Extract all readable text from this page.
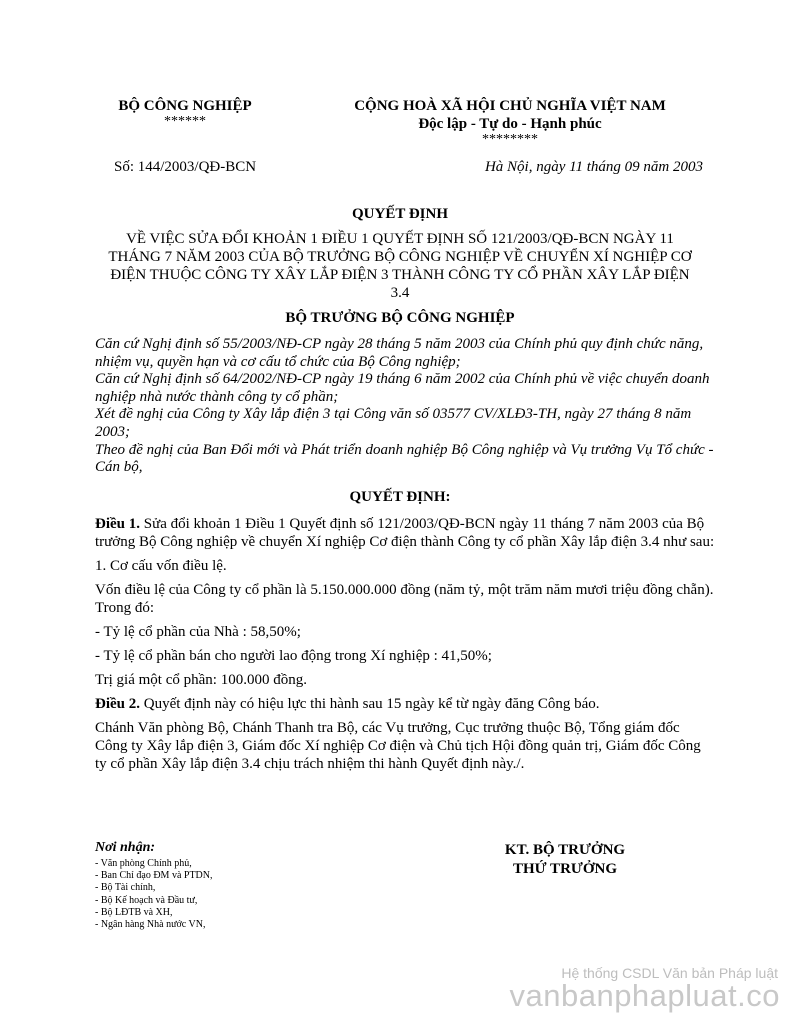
BỘ CÔNG NGHIỆP
******
CỘNG HOÀ XÃ HỘI CHỦ NGHĨA VIỆT NAM
Độc lập - Tự do - Hạnh phúc
********
Số: 144/2003/QĐ-BCN	Hà Nội, ngày 11 tháng 09 năm 2003
QUYẾT ĐỊNH
VỀ VIỆC SỬA ĐỔI KHOẢN 1 ĐIỀU 1 QUYẾT ĐỊNH SỐ 121/2003/QĐ-BCN NGÀY 11 THÁNG 7 NĂM 2003 CỦA BỘ TRƯỞNG BỘ CÔNG NGHIỆP VỀ CHUYỂN XÍ NGHIỆP CƠ ĐIỆN THUỘC CÔNG TY XÂY LẮP ĐIỆN 3 THÀNH CÔNG TY CỔ PHẦN XÂY LẮP ĐIỆN 3.4
BỘ TRƯỞNG BỘ CÔNG NGHIỆP

Căn cứ Nghị định số 55/2003/NĐ-CP ngày 28 tháng 5 năm 2003 của Chính phủ quy định chức năng, nhiệm vụ, quyền hạn và cơ cấu tổ chức của Bộ Công nghiệp;

Căn cứ Nghị định số 64/2002/NĐ-CP ngày 19 tháng 6 năm 2002 của Chính phủ về việc chuyển doanh nghiệp nhà nước thành công ty cổ phần;

Xét đề nghị của Công ty Xây lắp điện 3 tại Công văn số 03577 CV/XLĐ3-TH, ngày 27 tháng 8 năm 2003;

Theo đề nghị của Ban Đổi mới và Phát triển doanh nghiệp Bộ Công nghiệp và Vụ trưởng Vụ Tổ chức - Cán bộ,

QUYẾT ĐỊNH:

Điều 1. Sửa đổi khoản 1 Điều 1 Quyết định số 121/2003/QĐ-BCN ngày 11 tháng 7 năm 2003 của Bộ trưởng Bộ Công nghiệp về chuyển Xí nghiệp Cơ điện thành Công ty cổ phần Xây lắp điện 3.4 như sau:

1. Cơ cấu vốn điều lệ.

Vốn điều lệ của Công ty cổ phần là 5.150.000.000 đồng (năm tỷ, một trăm năm mươi triệu đồng chẵn). Trong đó:

- Tỷ lệ cổ phần của Nhà : 58,50%;

- Tỷ lệ cổ phần bán cho người lao động trong Xí nghiệp : 41,50%;

Trị giá một cổ phần: 100.000 đồng.

Điều 2. Quyết định này có hiệu lực thi hành sau 15 ngày kể từ ngày đăng Công báo.

Chánh Văn phòng Bộ, Chánh Thanh tra Bộ, các Vụ trưởng, Cục trưởng thuộc Bộ, Tổng giám đốc Công ty Xây lắp điện 3, Giám đốc Xí nghiệp Cơ điện và Chủ tịch Hội đồng quản trị, Giám đốc Công ty cổ phần Xây lắp điện 3.4 chịu trách nhiệm thi hành Quyết định này./.

Nơi nhận:
- Văn phòng Chính phủ,
- Ban Chỉ đạo ĐM và PTDN,
- Bộ Tài chính,
- Bộ Kế hoạch và Đầu tư,
- Bộ LĐTB và XH,
- Ngân hàng Nhà nước VN,
KT. BỘ TRƯỞNG
THỨ TRƯỞNG
Hệ thống CSDL Văn bản Pháp luật
vanbanphapluat.co
